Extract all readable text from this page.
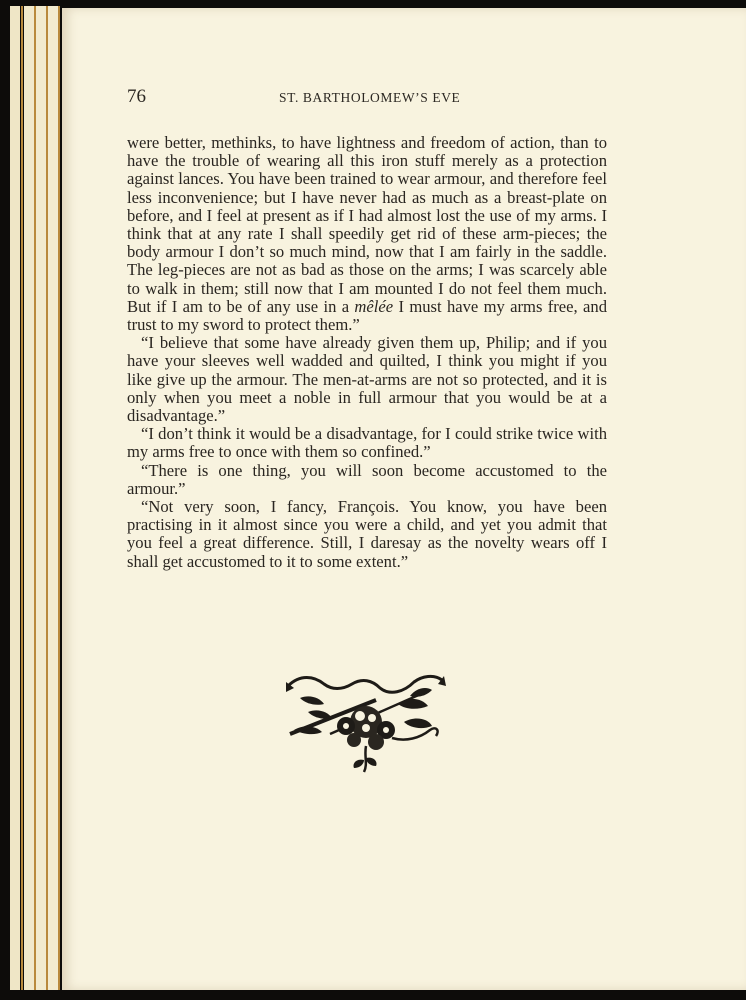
76	ST. BARTHOLOMEW’S EVE

were better, methinks, to have lightness and freedom of action, than to have the trouble of wearing all this iron stuff merely as a protection against lances. You have been trained to wear armour, and therefore feel less inconvenience; but I have never had as much as a breast-plate on before, and I feel at present as if I had almost lost the use of my arms. I think that at any rate I shall speedily get rid of these arm-pieces; the body armour I don’t so much mind, now that I am fairly in the saddle. The leg-pieces are not as bad as those on the arms; I was scarcely able to walk in them; still now that I am mounted I do not feel them much. But if I am to be of any use in a mêlée I must have my arms free, and trust to my sword to protect them.”

“I believe that some have already given them up, Philip; and if you have your sleeves well wadded and quilted, I think you might if you like give up the armour. The men-at-arms are not so protected, and it is only when you meet a noble in full armour that you would be at a disadvantage.”

“I don’t think it would be a disadvantage, for I could strike twice with my arms free to once with them so confined.”

“There is one thing, you will soon become accustomed to the armour.”

“Not very soon, I fancy, François. You know, you have been practising in it almost since you were a child, and yet you admit that you feel a great difference. Still, I daresay as the novelty wears off I shall get accustomed to it to some extent.”
